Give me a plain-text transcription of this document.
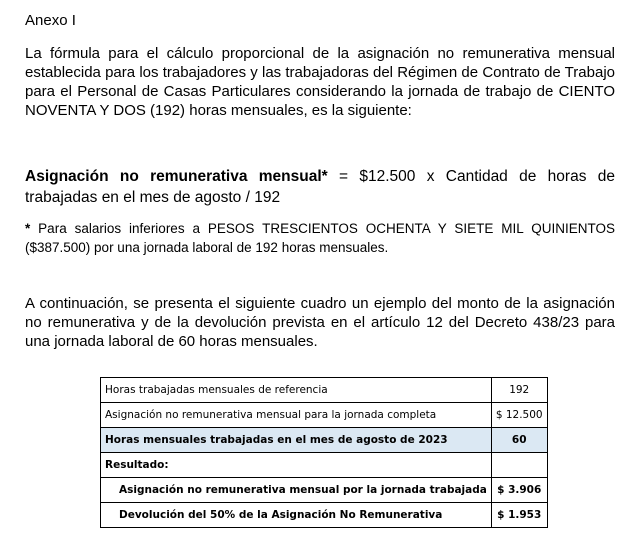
Anexo I

La fórmula para el cálculo proporcional de la asignación no remunerativa mensual establecida para los trabajadores y las trabajadoras del Régimen de Contrato de Trabajo para el Personal de Casas Particulares considerando la jornada de trabajo de CIENTO NOVENTA Y DOS (192) horas mensuales, es la siguiente:

Asignación no remunerativa mensual* = $12.500 x Cantidad de horas de trabajadas en el mes de agosto / 192

* Para salarios inferiores a PESOS TRESCIENTOS OCHENTA Y SIETE MIL QUINIENTOS ($387.500) por una jornada laboral de 192 horas mensuales.

A continuación, se presenta el siguiente cuadro un ejemplo del monto de la asignación no remunerativa y de la devolución prevista en el artículo 12 del Decreto 438/23 para una jornada laboral de 60 horas mensuales.

Horas trabajadas mensuales de referencia	192
Asignación no remunerativa mensual para la jornada completa	$ 12.500
Horas mensuales trabajadas en el mes de agosto de 2023	60
Resultado:	
Asignación no remunerativa mensual por la jornada trabajada	$ 3.906
Devolución del 50% de la Asignación No Remunerativa	$ 1.953
